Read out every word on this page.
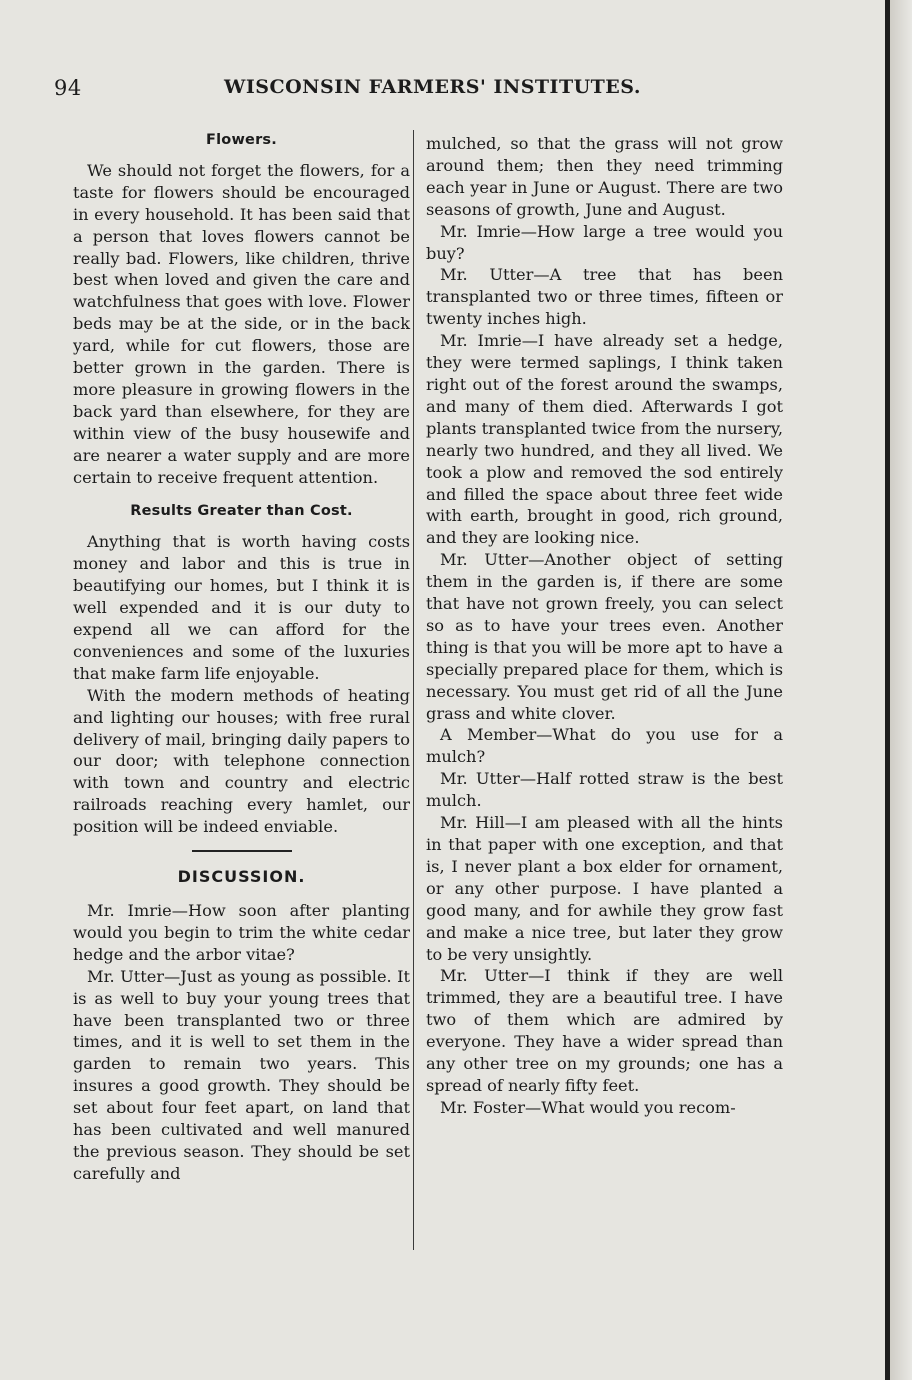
94	WISCONSIN FARMERS' INSTITUTES.
Flowers.

We should not forget the flowers, for a taste for flowers should be encouraged in every household. It has been said that a person that loves flowers cannot be really bad. Flowers, like children, thrive best when loved and given the care and watchfulness that goes with love. Flower beds may be at the side, or in the back yard, while for cut flowers, those are better grown in the garden. There is more pleasure in growing flowers in the back yard than elsewhere, for they are within view of the busy housewife and are nearer a water supply and are more certain to receive frequent attention.

Results Greater than Cost.

Anything that is worth having costs money and labor and this is true in beautifying our homes, but I think it is well expended and it is our duty to expend all we can afford for the conveniences and some of the luxuries that make farm life enjoyable.

With the modern methods of heating and lighting our houses; with free rural delivery of mail, bringing daily papers to our door; with telephone connection with town and country and electric railroads reaching every hamlet, our position will be indeed enviable.

DISCUSSION.

Mr. Imrie—How soon after planting would you begin to trim the white cedar hedge and the arbor vitae?

Mr. Utter—Just as young as possible. It is as well to buy your young trees that have been transplanted two or three times, and it is well to set them in the garden to remain two years. This insures a good growth. They should be set about four feet apart, on land that has been cultivated and well manured the previous season. They should be set carefully and

mulched, so that the grass will not grow around them; then they need trimming each year in June or August. There are two seasons of growth, June and August.

Mr. Imrie—How large a tree would you buy?

Mr. Utter—A tree that has been transplanted two or three times, fifteen or twenty inches high.

Mr. Imrie—I have already set a hedge, they were termed saplings, I think taken right out of the forest around the swamps, and many of them died. Afterwards I got plants transplanted twice from the nursery, nearly two hundred, and they all lived. We took a plow and removed the sod entirely and filled the space about three feet wide with earth, brought in good, rich ground, and they are looking nice.

Mr. Utter—Another object of setting them in the garden is, if there are some that have not grown freely, you can select so as to have your trees even. Another thing is that you will be more apt to have a specially prepared place for them, which is necessary. You must get rid of all the June grass and white clover.

A Member—What do you use for a mulch?

Mr. Utter—Half rotted straw is the best mulch.

Mr. Hill—I am pleased with all the hints in that paper with one exception, and that is, I never plant a box elder for ornament, or any other purpose. I have planted a good many, and for awhile they grow fast and make a nice tree, but later they grow to be very unsightly.

Mr. Utter—I think if they are well trimmed, they are a beautiful tree. I have two of them which are admired by everyone. They have a wider spread than any other tree on my grounds; one has a spread of nearly fifty feet.

Mr. Foster—What would you recom-
